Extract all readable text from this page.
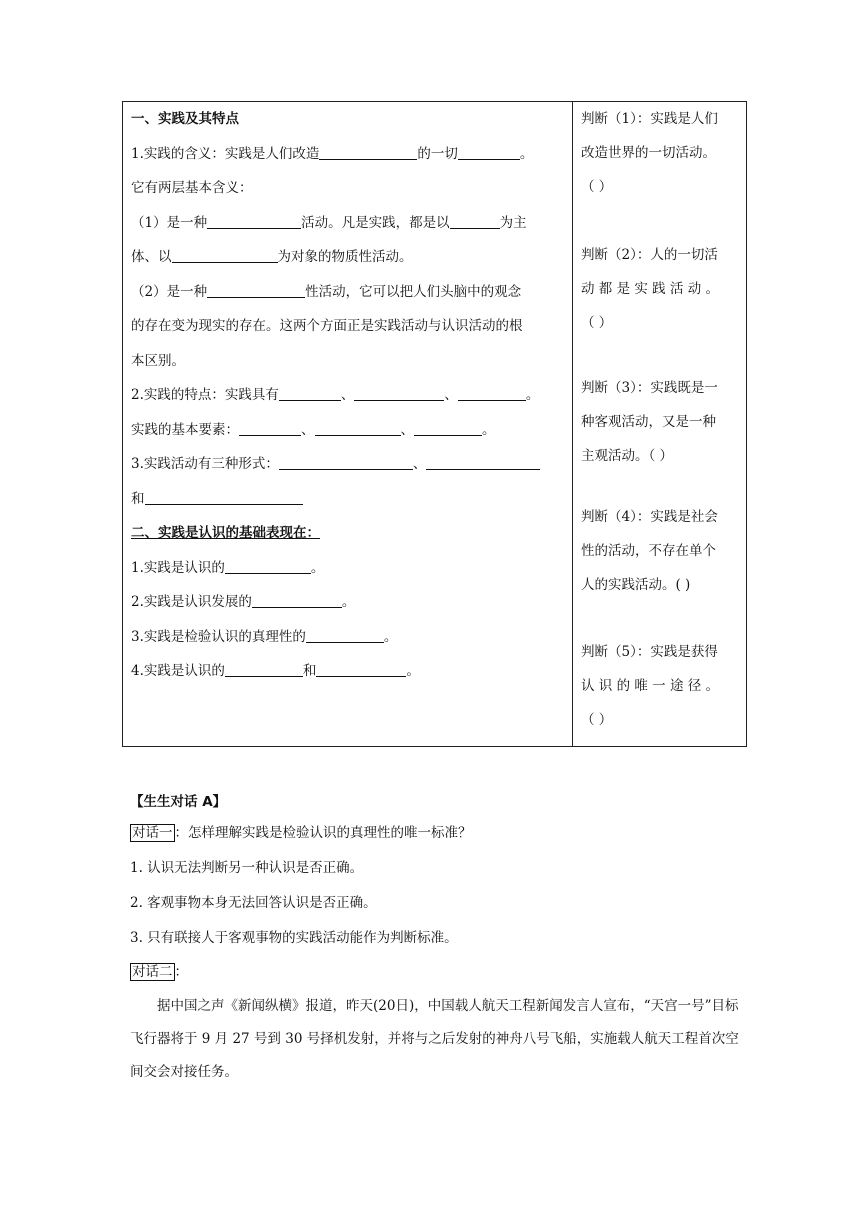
一、实践及其特点
1.实践的含义：实践是人们改造	的一切	。
它有两层基本含义：
（1）是一种	活动。凡是实践，都是以	为主
体、以	为对象的物质性活动。
（2）是一种	性活动，它可以把人们头脑中的观念
的存在变为现实的存在。这两个方面正是实践活动与认识活动的根
本区别。
2.实践的特点：实践具有	、	、	。
实践的基本要素：	、	、	。
3.实践活动有三种形式：	、
和
二、实践是认识的基础表现在：
1.实践是认识的	。
2.实践是认识发展的	。
3.实践是检验认识的真理性的	。
4.实践是认识的	和	。

判断（1）：实践是人们
改造世界的一切活动。
（ ）
判断（2）：人的一切活
动 都 是 实 践 活 动 。
（ ）
判断（3）：实践既是一
种客观活动，又是一种
主观活动。（ ）
判断（4）：实践是社会
性的活动，不存在单个
人的实践活动。( )
判断（5）：实践是获得
认 识 的 唯 一 途 径 。
（ ）
【生生对话 A】
对话一 ：怎样理解实践是检验认识的真理性的唯一标准？
1. 认识无法判断另一种认识是否正确。
2. 客观事物本身无法回答认识是否正确。
3. 只有联接人于客观事物的实践活动能作为判断标准。
对话二 ：
据中国之声《新闻纵横》报道，昨天(20日)，中国载人航天工程新闻发言人宣布，“天宫一号”目标飞行器将于 9 月 27 号到 30 号择机发射，并将与之后发射的神舟八号飞船，实施载人航天工程首次空间交会对接任务。
